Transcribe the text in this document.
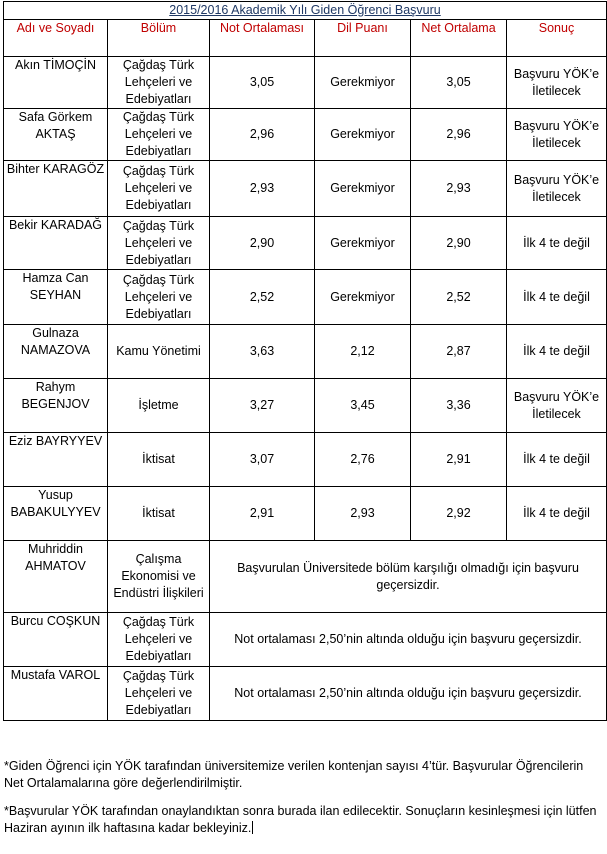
2015/2016 Akademik Yılı Giden Öğrenci Başvuru					
Adı ve Soyadı	Bölüm	Not Ortalaması	Dil Puanı	Net Ortalama	Sonuç
Akın TİMOÇİN	Çağdaş Türk Lehçeleri ve Edebiyatları	3,05	Gerekmiyor	3,05	Başvuru YÖK’e İletilecek
Safa Görkem AKTAŞ	Çağdaş Türk Lehçeleri ve Edebiyatları	2,96	Gerekmiyor	2,96	Başvuru YÖK’e İletilecek
Bihter KARAGÖZ	Çağdaş Türk Lehçeleri ve Edebiyatları	2,93	Gerekmiyor	2,93	Başvuru YÖK’e İletilecek
Bekir KARADAĞ	Çağdaş Türk Lehçeleri ve Edebiyatları	2,90	Gerekmiyor	2,90	İlk 4 te değil
Hamza Can SEYHAN	Çağdaş Türk Lehçeleri ve Edebiyatları	2,52	Gerekmiyor	2,52	İlk 4 te değil
Gulnaza NAMAZOVA	Kamu Yönetimi	3,63	2,12	2,87	İlk 4 te değil
Rahym BEGENJOV	İşletme	3,27	3,45	3,36	Başvuru YÖK’e İletilecek
Eziz BAYRYYEV	İktisat	3,07	2,76	2,91	İlk 4 te değil
Yusup BABAKULYYEV	İktisat	2,91	2,93	2,92	İlk 4 te değil
Muhriddin AHMATOV	Çalışma Ekonomisi ve Endüstri İlişkileri	Başvurulan Üniversitede bölüm karşılığı olmadığı için başvuru geçersizdir.			
Burcu COŞKUN	Çağdaş Türk Lehçeleri ve Edebiyatları	Not ortalaması 2,50’nin altında olduğu için başvuru geçersizdir.			
Mustafa VAROL	Çağdaş Türk Lehçeleri ve Edebiyatları	Not ortalaması 2,50’nin altında olduğu için başvuru geçersizdir.			

*Giden Öğrenci için YÖK tarafından üniversitemize verilen kontenjan sayısı 4’tür. Başvurular Öğrencilerin Net Ortalamalarına göre değerlendirilmiştir.

*Başvurular YÖK tarafından onaylandıktan sonra burada ilan edilecektir. Sonuçların kesinleşmesi için lütfen Haziran ayının ilk haftasına kadar bekleyiniz.
